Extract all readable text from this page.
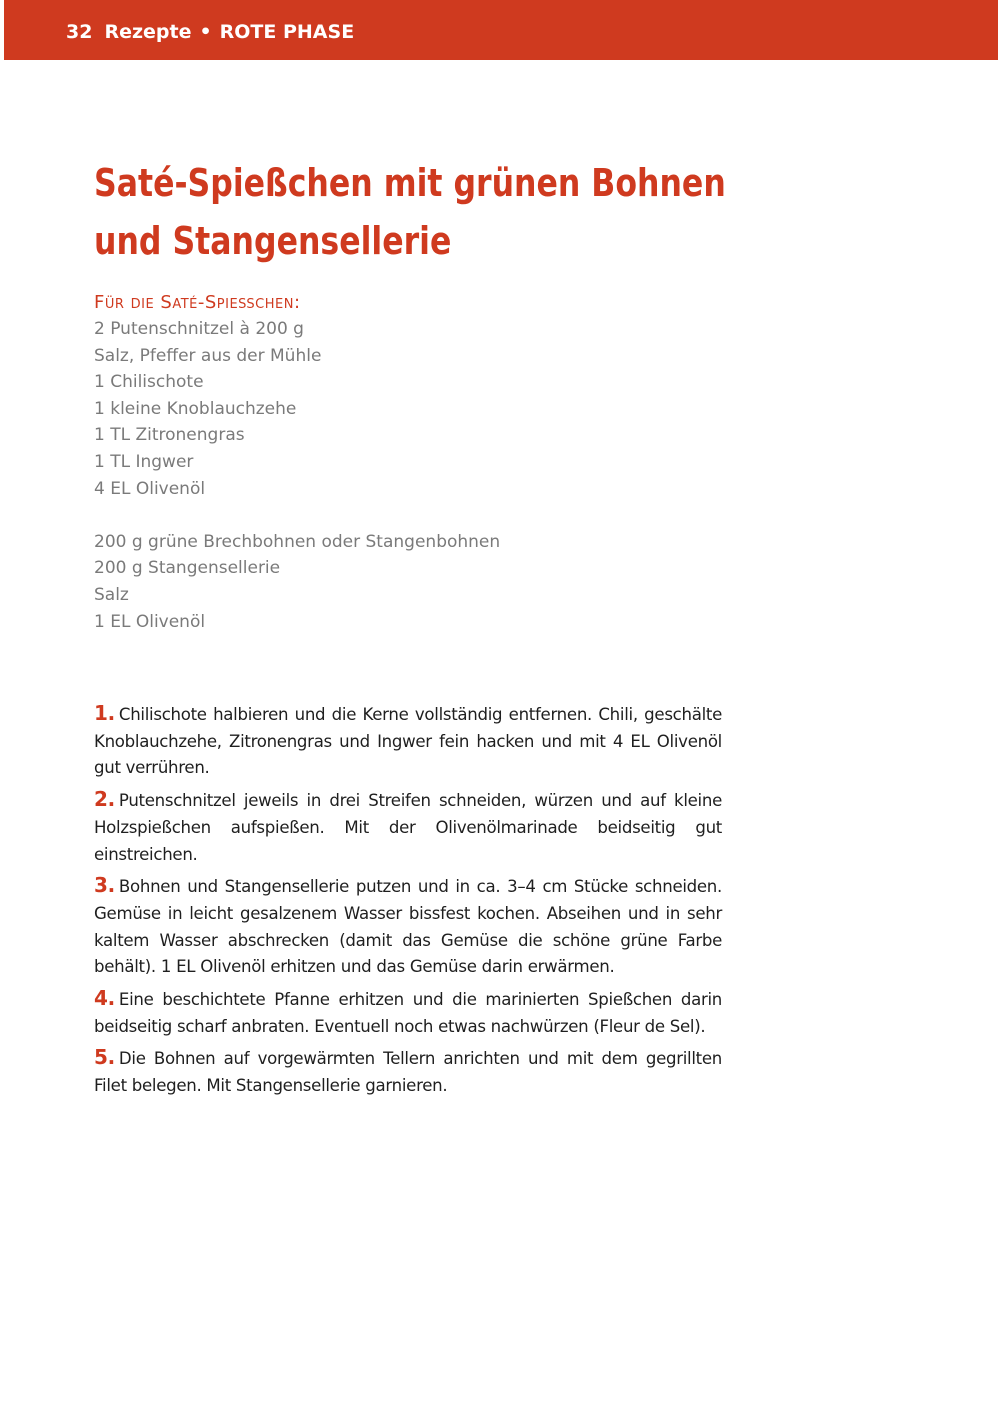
32 Rezepte • ROTE PHASE
Saté-Spießchen mit grünen Bohnen
und Stangensellerie

Für die Saté-Spießchen:

2 Putenschnitzel à 200 g
Salz, Pfeffer aus der Mühle
1 Chilischote
1 kleine Knoblauchzehe
1 TL Zitronengras
1 TL Ingwer
4 EL Olivenöl
200 g grüne Brechbohnen oder Stangenbohnen
200 g Stangensellerie
Salz
1 EL Olivenöl

1. Chilischote halbieren und die Kerne vollständig entfernen. Chili, geschälte Knoblauchzehe, Zitronengras und Ingwer fein hacken und mit 4 EL Olivenöl gut verrühren.

2. Putenschnitzel jeweils in drei Streifen schneiden, würzen und auf kleine Holzspießchen aufspießen. Mit der Olivenölmarinade beidseitig gut einstreichen.

3. Bohnen und Stangensellerie putzen und in ca. 3–4 cm Stücke schneiden. Gemüse in leicht gesalzenem Wasser bissfest kochen. Abseihen und in sehr kaltem Wasser abschrecken (damit das Gemüse die schöne grüne Farbe behält). 1 EL Olivenöl erhitzen und das Gemüse darin erwärmen.

4. Eine beschichtete Pfanne erhitzen und die marinierten Spießchen darin beidseitig scharf anbraten. Eventuell noch etwas nachwürzen (Fleur de Sel).

5. Die Bohnen auf vorgewärmten Tellern anrichten und mit dem gegrillten Filet belegen. Mit Stangensellerie garnieren.
